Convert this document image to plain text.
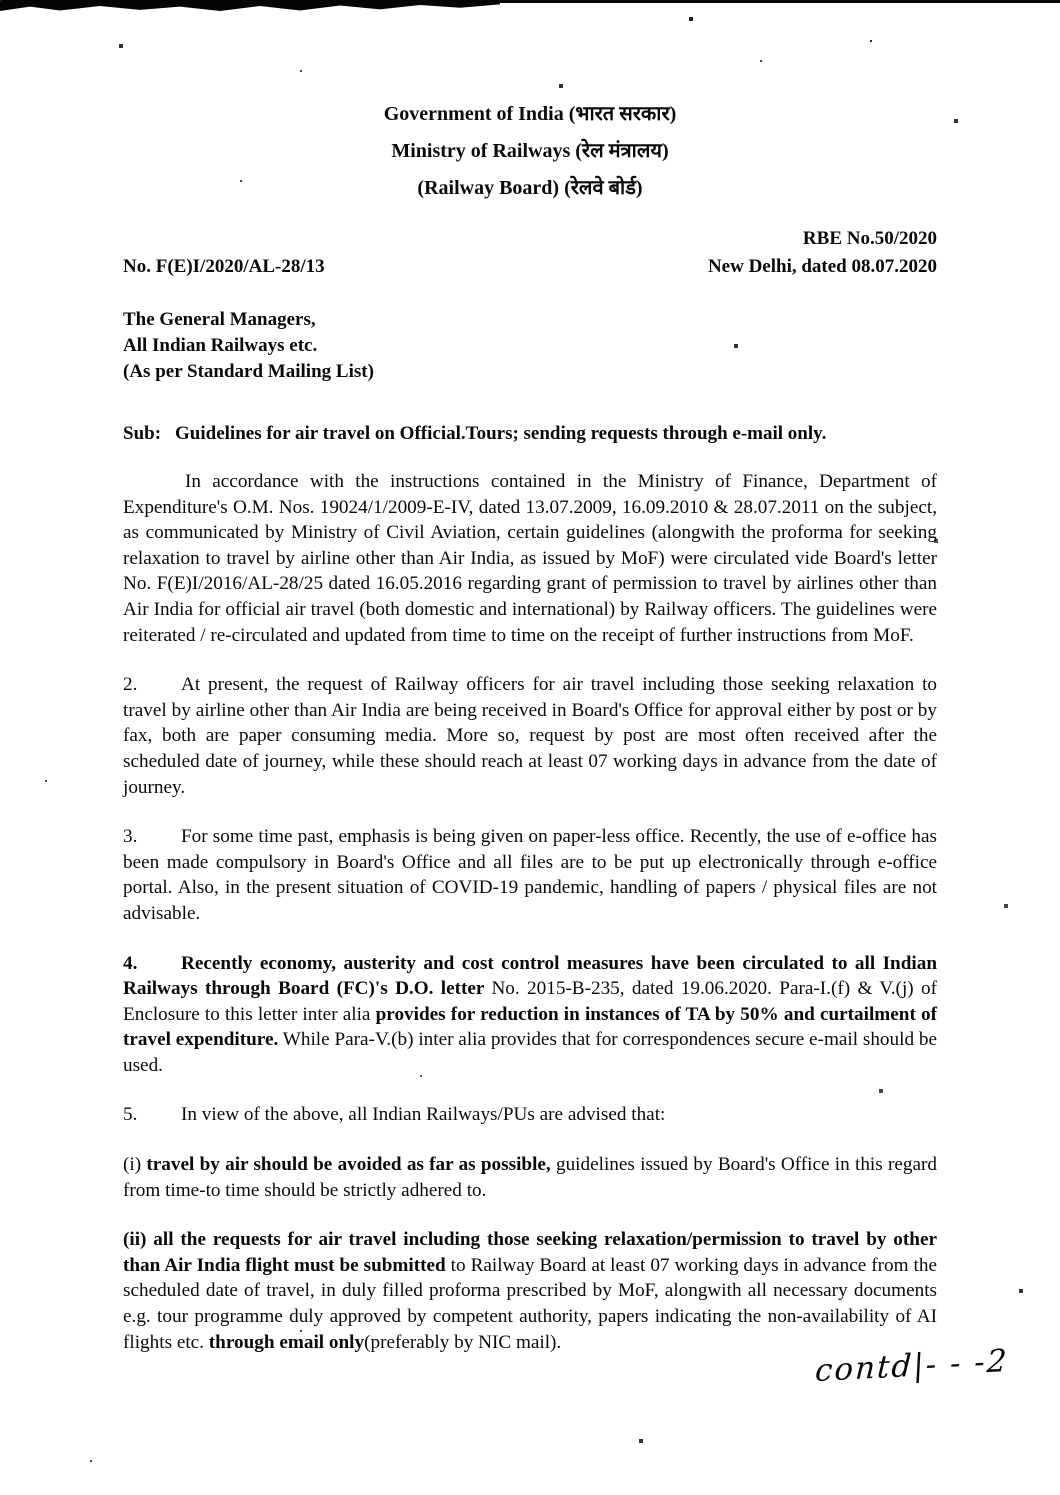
Government of India (भारत सरकार)
Ministry of Railways (रेल मंत्रालय)
(Railway Board) (रेलवे बोर्ड)
RBE No.50/2020
No. F(E)I/2020/AL-28/13	New Delhi, dated 08.07.2020
The General Managers,
All Indian Railways etc.
(As per Standard Mailing List)
Sub: Guidelines for air travel on Official.Tours; sending requests through e-mail only.

In accordance with the instructions contained in the Ministry of Finance, Department of Expenditure's O.M. Nos. 19024/1/2009-E-IV, dated 13.07.2009, 16.09.2010 & 28.07.2011 on the subject, as communicated by Ministry of Civil Aviation, certain guidelines (alongwith the proforma for seeking relaxation to travel by airline other than Air India, as issued by MoF) were circulated vide Board's letter No. F(E)I/2016/AL-28/25 dated 16.05.2016 regarding grant of permission to travel by airlines other than Air India for official air travel (both domestic and international) by Railway officers. The guidelines were reiterated / re-circulated and updated from time to time on the receipt of further instructions from MoF.

2. At present, the request of Railway officers for air travel including those seeking relaxation to travel by airline other than Air India are being received in Board's Office for approval either by post or by fax, both are paper consuming media. More so, request by post are most often received after the scheduled date of journey, while these should reach at least 07 working days in advance from the date of journey.

3. For some time past, emphasis is being given on paper-less office. Recently, the use of e-office has been made compulsory in Board's Office and all files are to be put up electronically through e-office portal. Also, in the present situation of COVID-19 pandemic, handling of papers / physical files are not advisable.

4. Recently economy, austerity and cost control measures have been circulated to all Indian Railways through Board (FC)'s D.O. letter No. 2015-B-235, dated 19.06.2020. Para-I.(f) & V.(j) of Enclosure to this letter inter alia provides for reduction in instances of TA by 50% and curtailment of travel expenditure. While Para-V.(b) inter alia provides that for correspondences secure e-mail should be used.

5. In view of the above, all Indian Railways/PUs are advised that:

(i) travel by air should be avoided as far as possible, guidelines issued by Board's Office in this regard from time-to time should be strictly adhered to.

(ii) all the requests for air travel including those seeking relaxation/permission to travel by other than Air India flight must be submitted to Railway Board at least 07 working days in advance from the scheduled date of travel, in duly filled proforma prescribed by MoF, alongwith all necessary documents e.g. tour programme duly approved by competent authority, papers indicating the non-availability of AI flights etc. through email only(preferably by NIC mail).

contd|- - -2
